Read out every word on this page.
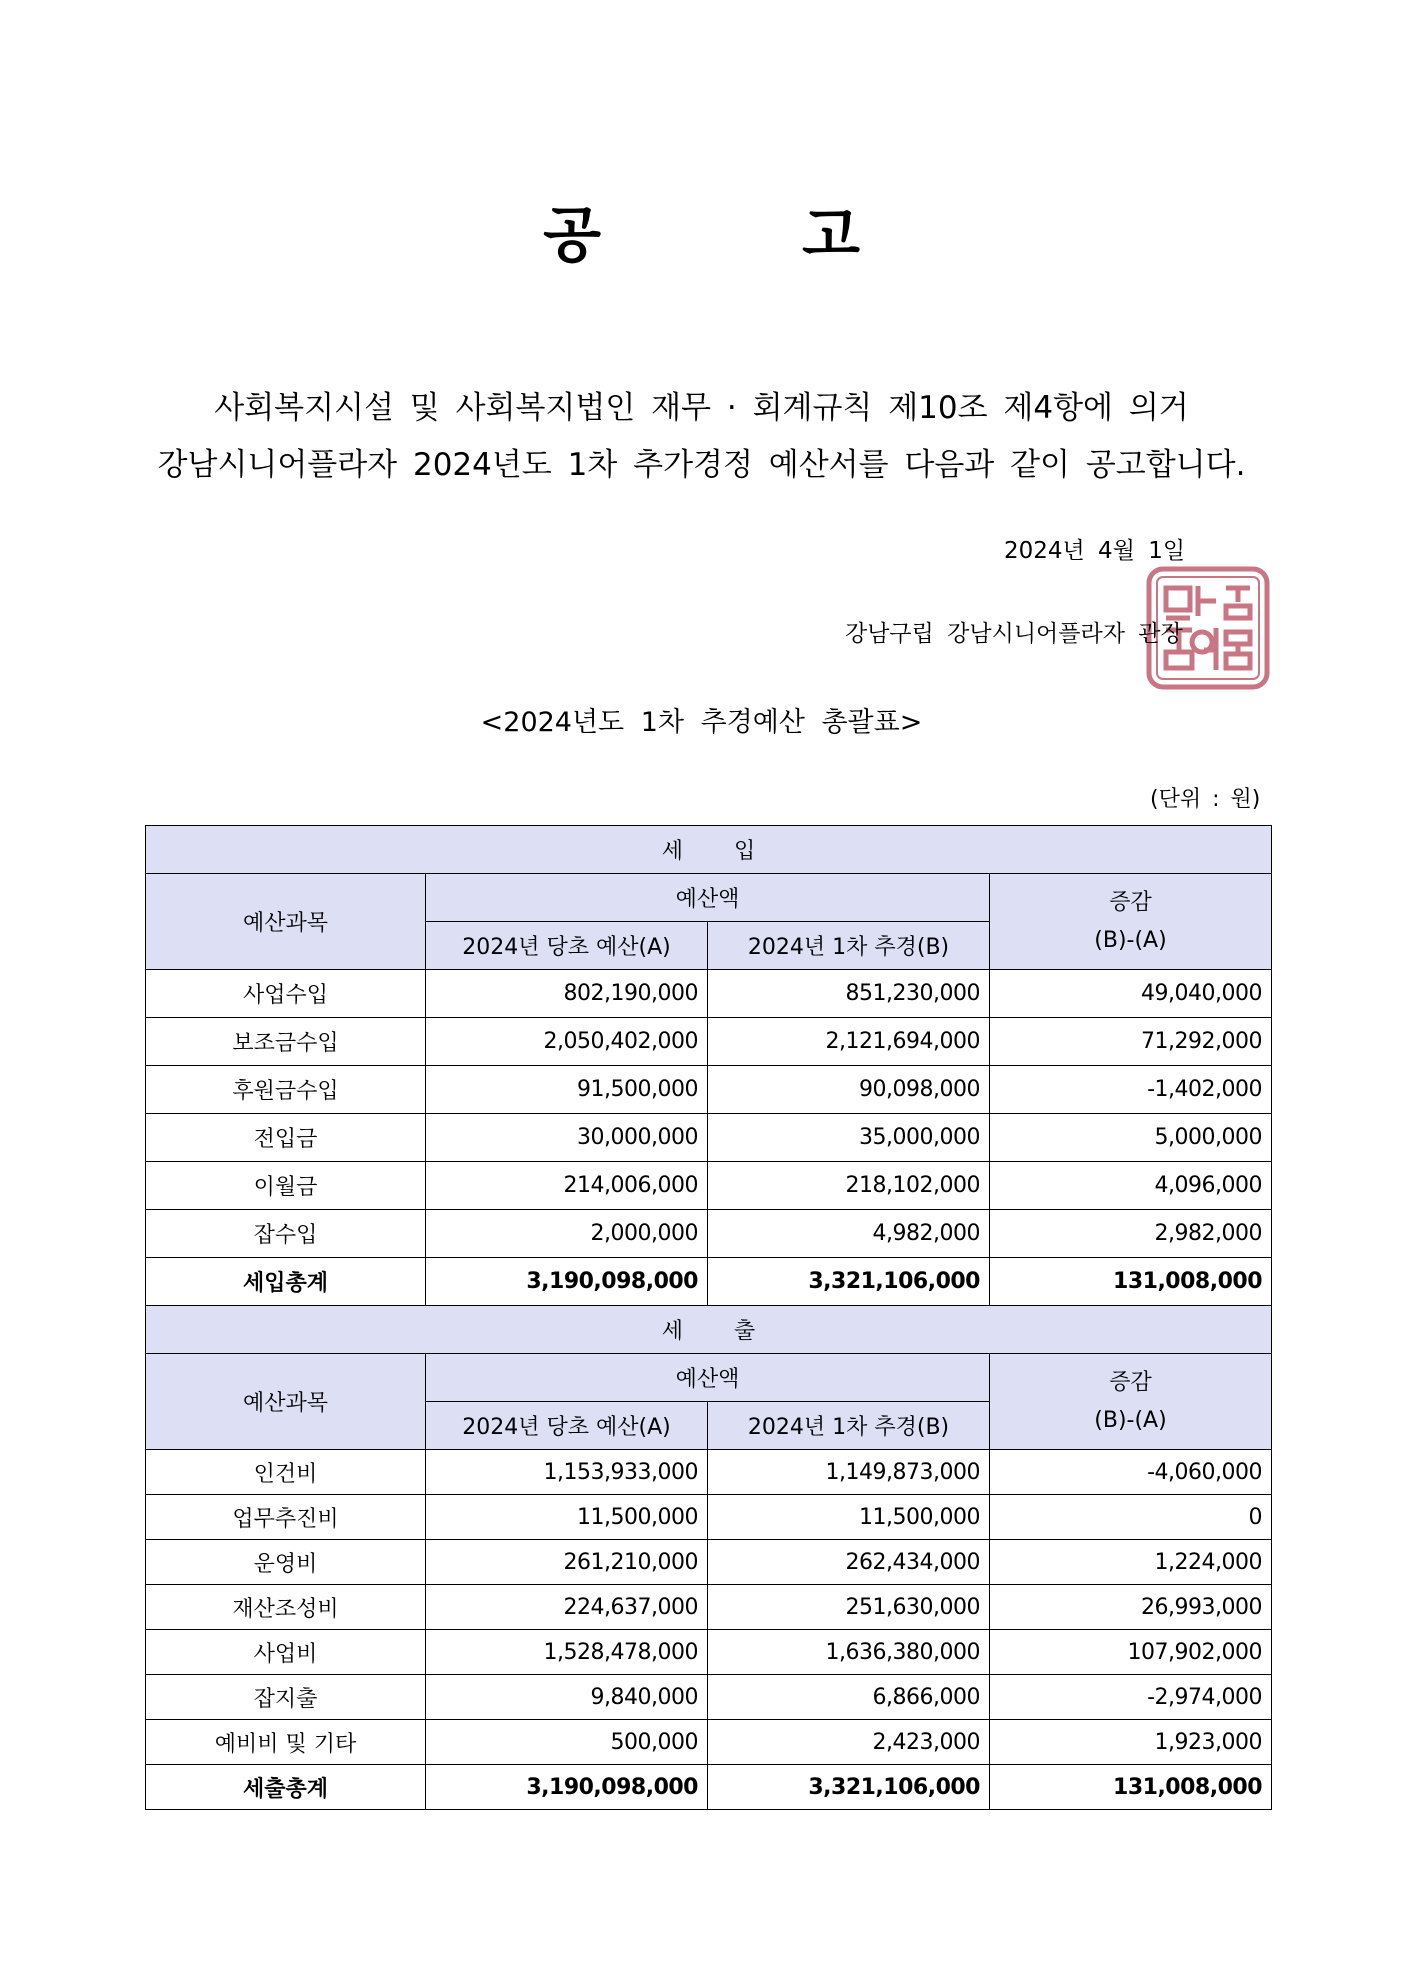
공 고
사회복지시설 및 사회복지법인 재무 · 회계규칙 제10조 제4항에 의거
강남시니어플라자 2024년도 1차 추가경정 예산서를 다음과 같이 공고합니다.
2024년 4월 1일
강남구립 강남시니어플라자 관장
<2024년도 1차 추경예산 총괄표>
(단위 : 원)
세 입			
예산과목	예산액		증감
(B)-(A)

	2024년 당초 예산(A)	2024년 1차 추경(B)	
사업수입	802,190,000	851,230,000	49,040,000
보조금수입	2,050,402,000	2,121,694,000	71,292,000
후원금수입	91,500,000	90,098,000	-1,402,000
전입금	30,000,000	35,000,000	5,000,000
이월금	214,006,000	218,102,000	4,096,000
잡수입	2,000,000	4,982,000	2,982,000
세입총계	3,190,098,000	3,321,106,000	131,008,000
세 출			
예산과목	예산액		증감
(B)-(A)

	2024년 당초 예산(A)	2024년 1차 추경(B)	
인건비	1,153,933,000	1,149,873,000	-4,060,000
업무추진비	11,500,000	11,500,000	0
운영비	261,210,000	262,434,000	1,224,000
재산조성비	224,637,000	251,630,000	26,993,000
사업비	1,528,478,000	1,636,380,000	107,902,000
잡지출	9,840,000	6,866,000	-2,974,000
예비비 및 기타	500,000	2,423,000	1,923,000
세출총계	3,190,098,000	3,321,106,000	131,008,000
